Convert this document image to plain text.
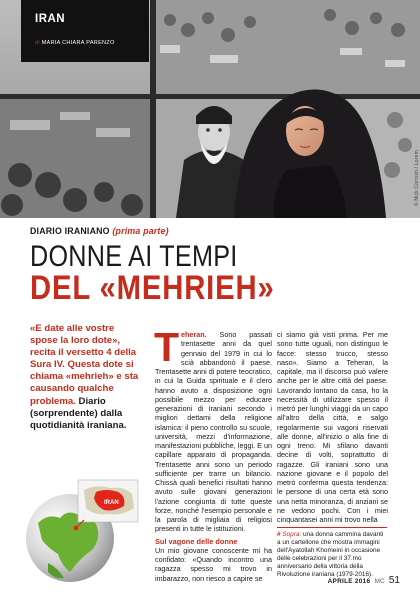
© Nick Cornish / Lorem
IRAN
di MARIA CHIARA PARENZO
DIARIO IRANIANO (prima parte)
DONNE AI TEMPI
DEL «MEHRIEH»
«E date alle vostre spose la loro dote», recita il versetto 4 della Sura IV. Questa dote si chiama «mehrieh» e sta causando qualche problema. Diario (sorprendente) dalla quotidianità iraniana.
IRAN
Teheran. Sono passati trentasette anni da quel gennaio del 1979 in cui lo scià abbandonò il paese. Trentasette anni di potere teocratico, in cui la Guida spirituale e il clero hanno avuto a disposizione ogni possibile mezzo per educare generazioni di iraniani secondo i migliori dettami della religione islamica: il pieno controllo su scuole, università, mezzi d'informazione, manifestazioni pubbliche, leggi. E un capillare apparato di propaganda. Trentasette anni sono un periodo sufficiente per trarre un bilancio. Chissà quali benefici risultati hanno avuto sulle giovani generazioni l'azione congiunta di tutte queste forze, nonché l'esempio personale e la parola di migliaia di religiosi presenti in tutte le istituzioni.
Sul vagone delle donne
Un mio giovane conoscente mi ha confidato: «Quando incontro una ragazza spesso mi trovo in imbarazzo, non riesco a capire se
ci siamo già visti prima. Per me sono tutte uguali, non distinguo le facce: stesso trucco, stesso naso». Siamo a Teheran, la capitale, ma il discorso può valere anche per le altre città del paese. Lavorando lontano da casa, ho la necessità di utilizzare spesso il metrò per lunghi viaggi da un capo all'altro della città, e salgo regolarmente sui vagoni riservati alle donne, all'inizio o alla fine di ogni treno. Mi sfilano davanti decine di volti, soprattutto di ragazze. Gli iraniani sono una nazione giovane e il popolo del metrò conferma questa tendenza: le persone di una certa età sono una netta minoranza, di anziani se ne vedono pochi. Con i miei cinquantasei anni mi trovo nella
# Sopra: una donna cammina davanti a un cartellone che mostra immagini dell'Ayatollah Khomeini in occasione delle celebrazioni per il 37.mo anniversario della vittoria della Rivoluzione iraniana (1979-2016).
APRILE 2016 MC 51
